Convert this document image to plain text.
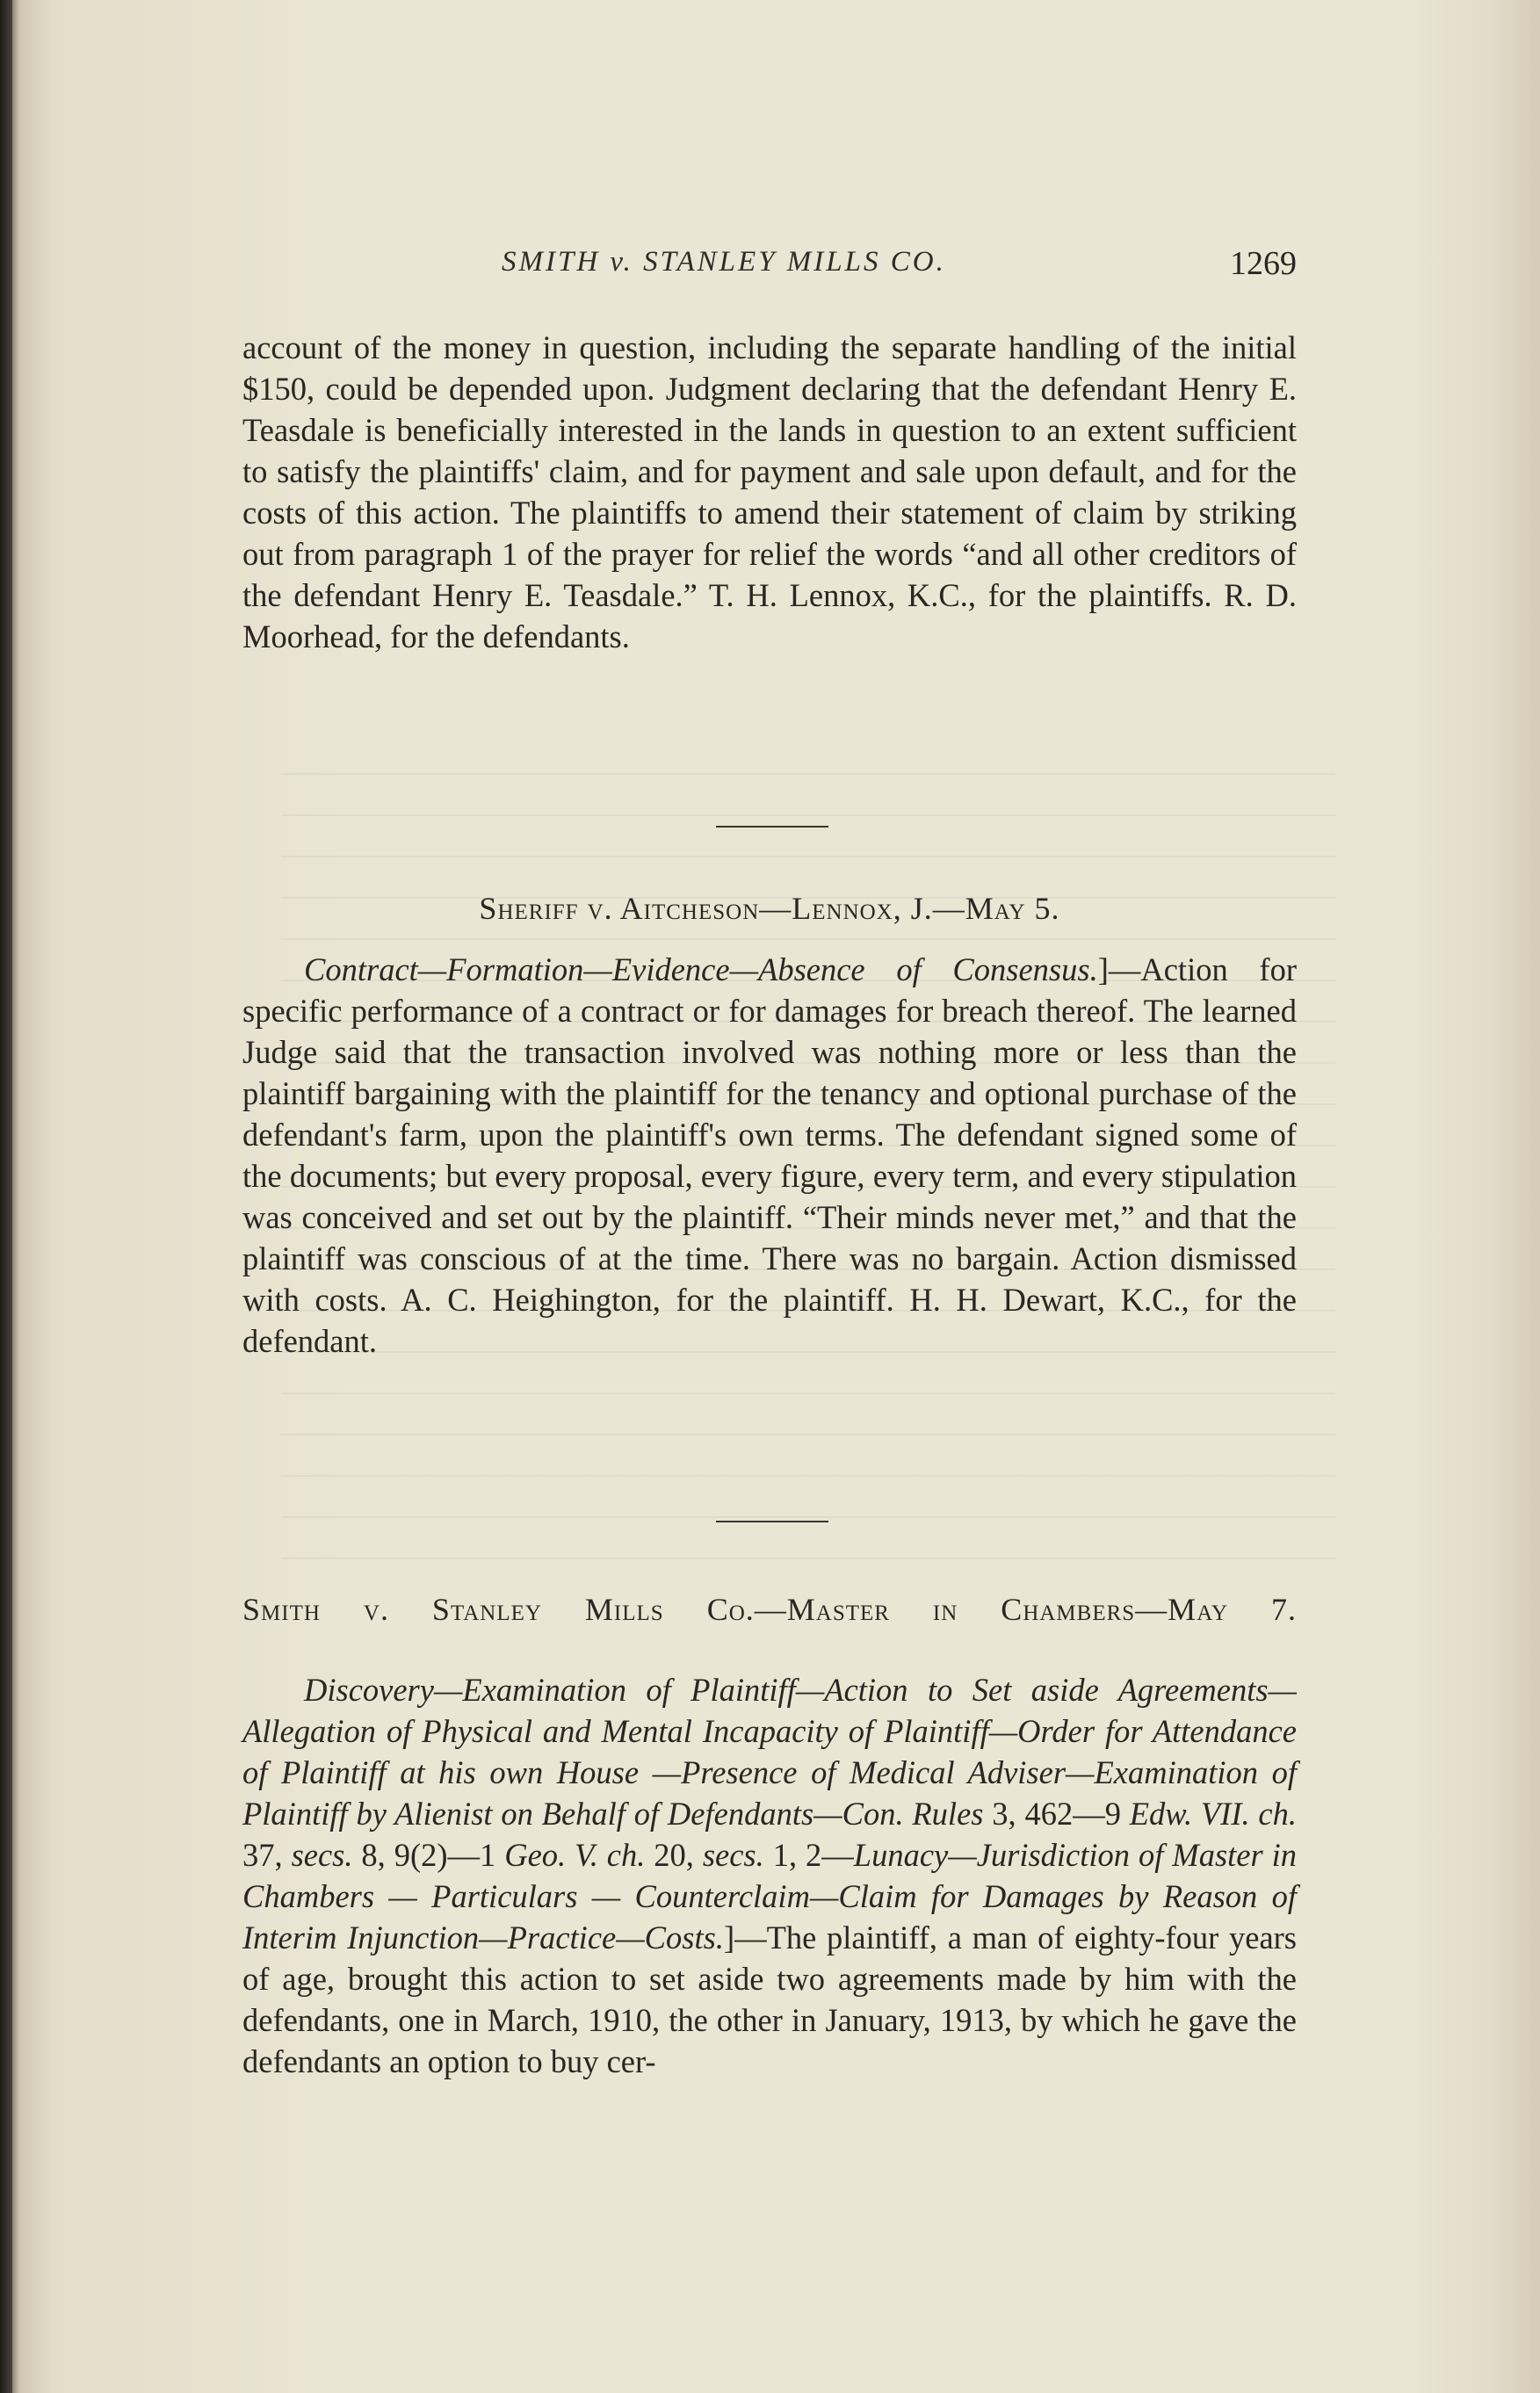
SMITH v. STANLEY MILLS CO.	1269

account of the money in question, including the separate handling of the initial $150, could be depended upon. Judgment declaring that the defendant Henry E. Teasdale is beneficially interested in the lands in question to an extent sufficient to satisfy the plaintiffs' claim, and for payment and sale upon default, and for the costs of this action. The plaintiffs to amend their statement of claim by striking out from paragraph 1 of the prayer for relief the words “and all other creditors of the defendant Henry E. Teasdale.” T. H. Lennox, K.C., for the plaintiffs. R. D. Moorhead, for the defendants.

Sheriff v. Aitcheson—Lennox, J.—May 5.

Contract—Formation—Evidence—Absence of Consensus.]—Action for specific performance of a contract or for damages for breach thereof. The learned Judge said that the transaction involved was nothing more or less than the plaintiff bargaining with the plaintiff for the tenancy and optional purchase of the defendant's farm, upon the plaintiff's own terms. The defendant signed some of the documents; but every proposal, every figure, every term, and every stipulation was conceived and set out by the plaintiff. “Their minds never met,” and that the plaintiff was conscious of at the time. There was no bargain. Action dismissed with costs. A. C. Heighington, for the plaintiff. H. H. Dewart, K.C., for the defendant.

Smith v. Stanley Mills Co.—Master in Chambers—May 7.

Discovery—Examination of Plaintiff—Action to Set aside Agreements—Allegation of Physical and Mental Incapacity of Plaintiff—Order for Attendance of Plaintiff at his own House —Presence of Medical Adviser—Examination of Plaintiff by Alienist on Behalf of Defendants—Con. Rules 3, 462—9 Edw. VII. ch. 37, secs. 8, 9(2)—1 Geo. V. ch. 20, secs. 1, 2—Lunacy—Jurisdiction of Master in Chambers — Particulars — Counterclaim—Claim for Damages by Reason of Interim Injunction—Practice—Costs.]—The plaintiff, a man of eighty-four years of age, brought this action to set aside two agreements made by him with the defendants, one in March, 1910, the other in January, 1913, by which he gave the defendants an option to buy cer-
